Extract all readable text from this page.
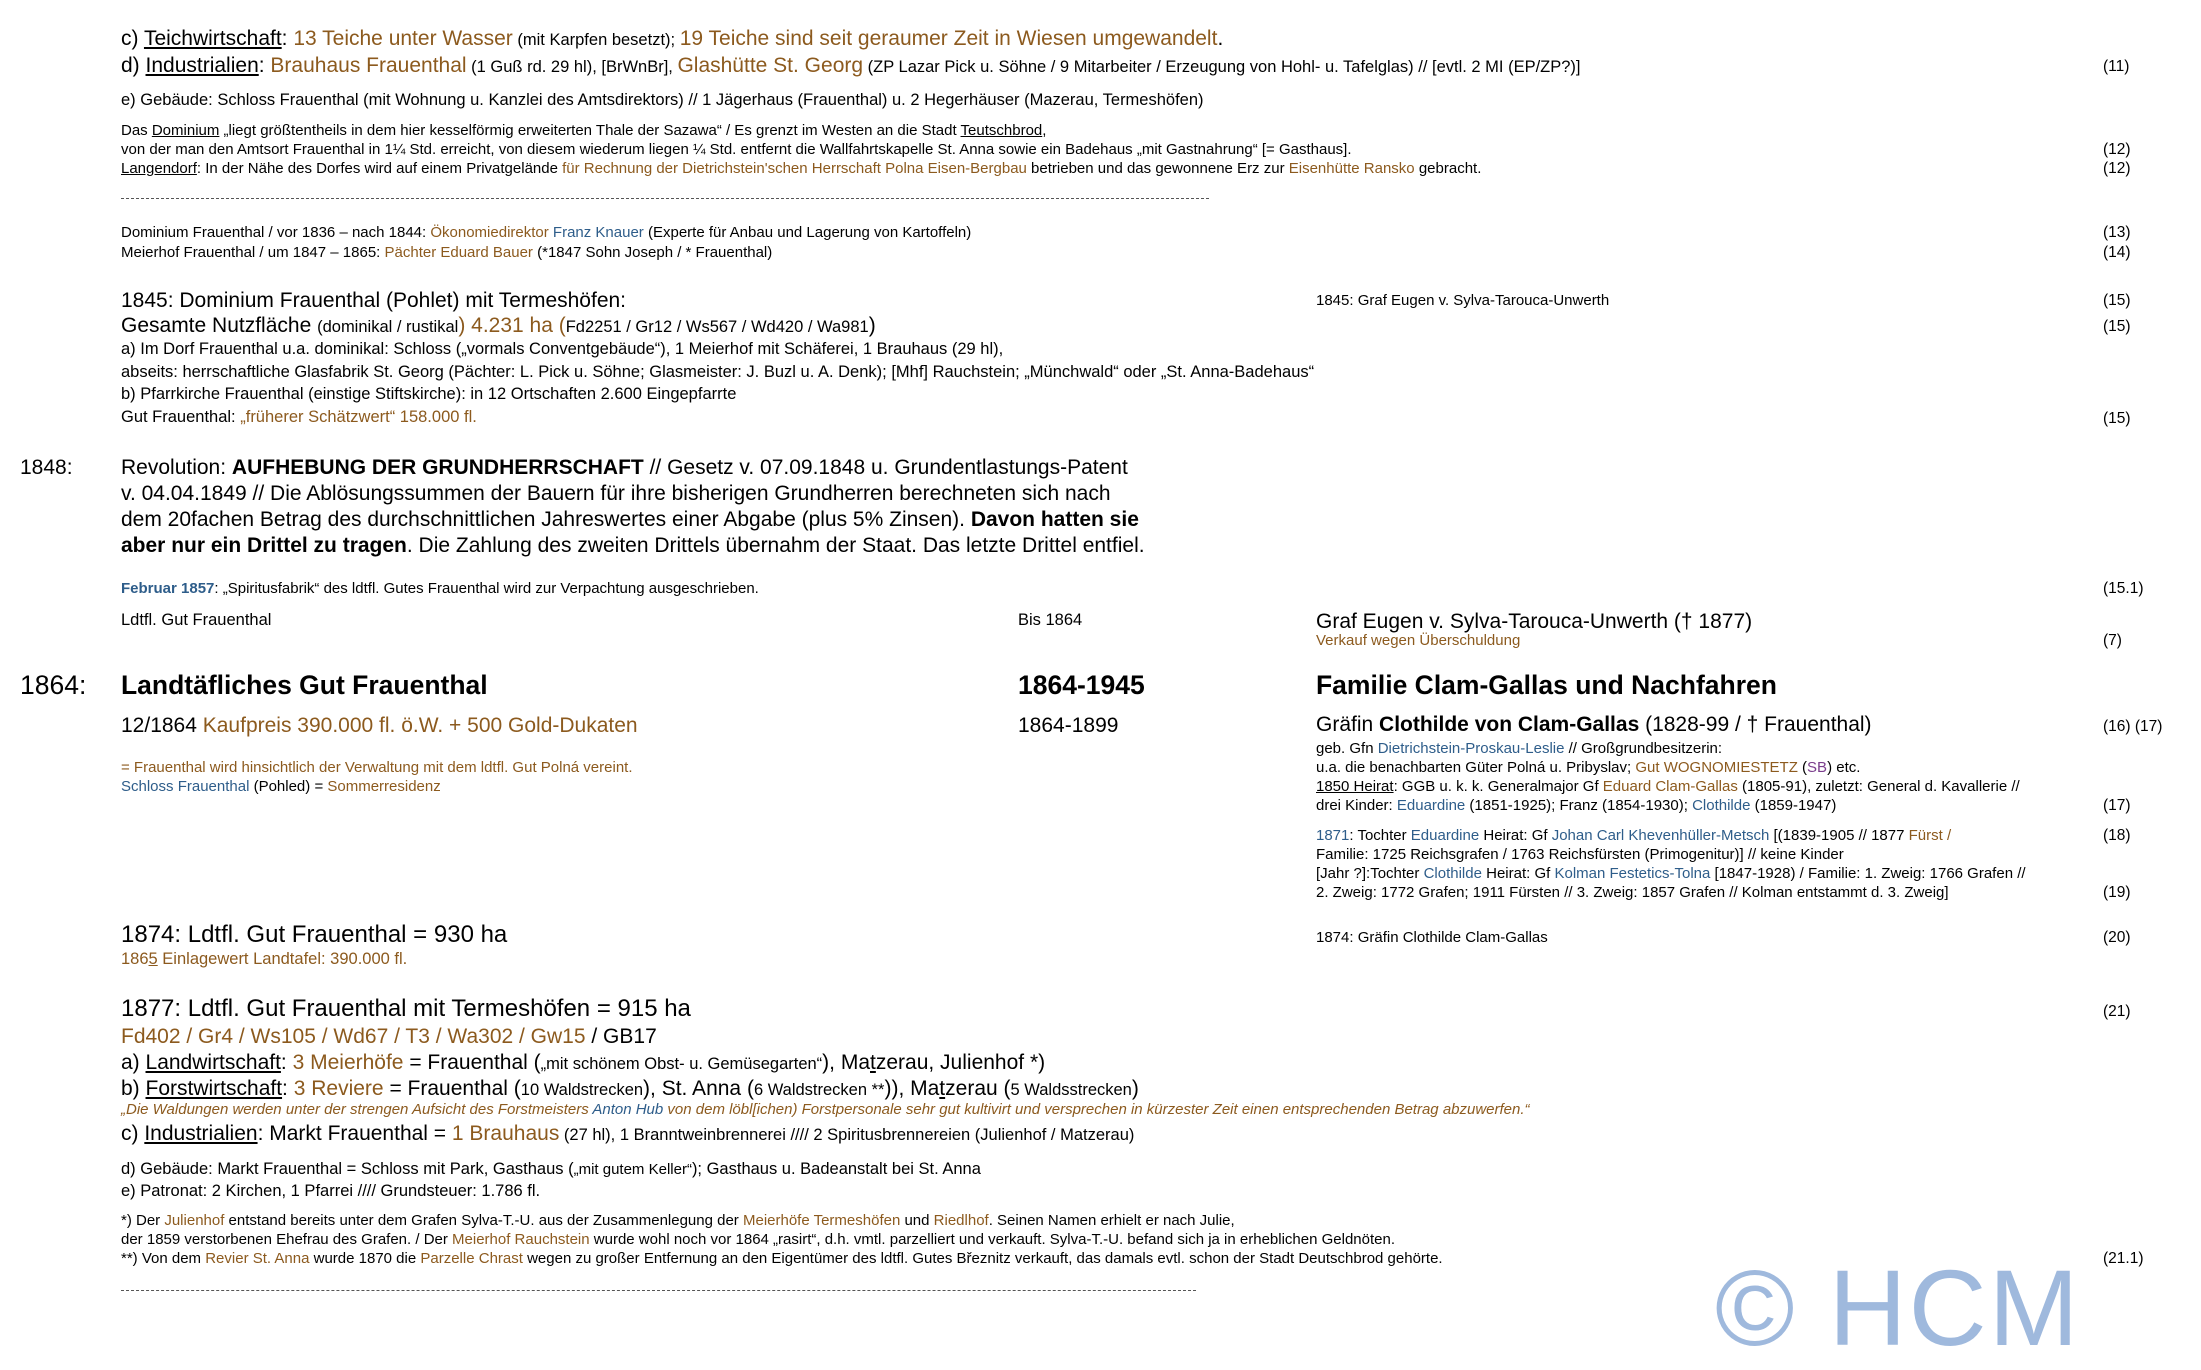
c) Teichwirtschaft: 13 Teiche unter Wasser (mit Karpfen besetzt); 19 Teiche sind seit geraumer Zeit in Wiesen umgewandelt.
d) Industrialien: Brauhaus Frauenthal (1 Guß rd. 29 hl), [BrWnBr], Glashütte St. Georg (ZP Lazar Pick u. Söhne / 9 Mitarbeiter / Erzeugung von Hohl- u. Tafelglas) // [evtl. 2 MI (EP/ZP?)]	(11)
e) Gebäude: Schloss Frauenthal (mit Wohnung u. Kanzlei des Amtsdirektors) // 1 Jägerhaus (Frauenthal) u. 2 Hegerhäuser (Mazerau, Termeshöfen)
Das Dominium „liegt größtentheils in dem hier kesselförmig erweiterten Thale der Sazawa“ / Es grenzt im Westen an die Stadt Teutschbrod,
von der man den Amtsort Frauenthal in 1¼ Std. erreicht, von diesem wiederum liegen ¼ Std. entfernt die Wallfahrtskapelle St. Anna sowie ein Badehaus „mit Gastnahrung“ [= Gasthaus].	(12)
Langendorf: In der Nähe des Dorfes wird auf einem Privatgelände für Rechnung der Dietrichstein'schen Herrschaft Polna Eisen-Bergbau betrieben und das gewonnene Erz zur Eisenhütte Ransko gebracht.	(12)
Dominium Frauenthal / vor 1836 – nach 1844: Ökonomiedirektor Franz Knauer (Experte für Anbau und Lagerung von Kartoffeln)	(13)
Meierhof Frauenthal / um 1847 – 1865: Pächter Eduard Bauer (*1847 Sohn Joseph / * Frauenthal)	(14)
1845: Dominium Frauenthal (Pohlet) mit Termeshöfen:	1845: Graf Eugen v. Sylva-Tarouca-Unwerth	(15)
Gesamte Nutzfläche (dominikal / rustikal) 4.231 ha (Fd2251 / Gr12 / Ws567 / Wd420 / Wa981)	(15)
a) Im Dorf Frauenthal u.a. dominikal: Schloss („vormals Conventgebäude“), 1 Meierhof mit Schäferei, 1 Brauhaus (29 hl),
abseits: herrschaftliche Glasfabrik St. Georg (Pächter: L. Pick u. Söhne; Glasmeister: J. Buzl u. A. Denk); [Mhf] Rauchstein; „Münchwald“ oder „St. Anna-Badehaus“
b) Pfarrkirche Frauenthal (einstige Stiftskirche): in 12 Ortschaften 2.600 Eingepfarrte
Gut Frauenthal: „früherer Schätzwert“ 158.000 fl.	(15)
1848: Revolution: AUFHEBUNG DER GRUNDHERRSCHAFT // Gesetz v. 07.09.1848 u. Grundentlastungs-Patent
v. 04.04.1849 // Die Ablösungssummen der Bauern für ihre bisherigen Grundherren berechneten sich nach
dem 20fachen Betrag des durchschnittlichen Jahreswertes einer Abgabe (plus 5% Zinsen). Davon hatten sie
aber nur ein Drittel zu tragen. Die Zahlung des zweiten Drittels übernahm der Staat. Das letzte Drittel entfiel.
Februar 1857: „Spiritusfabrik“ des ldtfl. Gutes Frauenthal wird zur Verpachtung ausgeschrieben.	(15.1)
Ldtfl. Gut Frauenthal	Bis 1864	Graf Eugen v. Sylva-Tarouca-Unwerth († 1877)
Verkauf wegen Überschuldung	(7)
1864: Landtäfliches Gut Frauenthal	1864-1945	Familie Clam-Gallas und Nachfahren
12/1864 Kaufpreis 390.000 fl. ö.W. + 500 Gold-Dukaten	1864-1899	Gräfin Clothilde von Clam-Gallas (1828-99 / † Frauenthal)	(16) (17)
geb. Gfn Dietrichstein-Proskau-Leslie // Großgrundbesitzerin:
u.a. die benachbarten Güter Polná u. Pribyslav; Gut WOGNOMIESTETZ (SB) etc.
1850 Heirat: GGB u. k. k. Generalmajor Gf Eduard Clam-Gallas (1805-91), zuletzt: General d. Kavallerie //
drei Kinder: Eduardine (1851-1925); Franz (1854-1930); Clothilde (1859-1947)	(17)
1871: Tochter Eduardine Heirat: Gf Johan Carl Khevenhüller-Metsch [(1839-1905 // 1877 Fürst /	(18)
Familie: 1725 Reichsgrafen / 1763 Reichsfürsten (Primogenitur)] // keine Kinder
[Jahr ?]:Tochter Clothilde Heirat: Gf Kolman Festetics-Tolna [1847-1928) / Familie: 1. Zweig: 1766 Grafen //
2. Zweig: 1772 Grafen; 1911 Fürsten // 3. Zweig: 1857 Grafen // Kolman entstammt d. 3. Zweig]	(19)
= Frauenthal wird hinsichtlich der Verwaltung mit dem ldtfl. Gut Polná vereint.
Schloss Frauenthal (Pohled) = Sommerresidenz
1874: Ldtfl. Gut Frauenthal = 930 ha	1874: Gräfin Clothilde Clam-Gallas	(20)
1865 Einlagewert Landtafel: 390.000 fl.
1877: Ldtfl. Gut Frauenthal mit Termeshöfen = 915 ha	(21)
Fd402 / Gr4 / Ws105 / Wd67 / T3 / Wa302 / Gw15 / GB17
a) Landwirtschaft: 3 Meierhöfe = Frauenthal („mit schönem Obst- u. Gemüsegarten“), Matzerau, Julienhof *)
b) Forstwirtschaft: 3 Reviere = Frauenthal (10 Waldstrecken), St. Anna (6 Waldstrecken **)), Matzerau (5 Waldsstrecken)
„Die Waldungen werden unter der strengen Aufsicht des Forstmeisters Anton Hub von dem löbl[ichen) Forstpersonale sehr gut kultivirt und versprechen in kürzester Zeit einen entsprechenden Betrag abzuwerfen.“
c) Industrialien: Markt Frauenthal = 1 Brauhaus (27 hl), 1 Branntweinbrennerei //// 2 Spiritusbrennereien (Julienhof / Matzerau)
d) Gebäude: Markt Frauenthal = Schloss mit Park, Gasthaus („mit gutem Keller“); Gasthaus u. Badeanstalt bei St. Anna
e) Patronat: 2 Kirchen, 1 Pfarrei //// Grundsteuer: 1.786 fl.
*) Der Julienhof entstand bereits unter dem Grafen Sylva-T.-U. aus der Zusammenlegung der Meierhöfe Termeshöfen und Riedlhof. Seinen Namen erhielt er nach Julie,
der 1859 verstorbenen Ehefrau des Grafen. / Der Meierhof Rauchstein wurde wohl noch vor 1864 „rasirt“, d.h. vmtl. parzelliert und verkauft. Sylva-T.-U. befand sich ja in erheblichen Geldnöten.
**) Von dem Revier St. Anna wurde 1870 die Parzelle Chrast wegen zu großer Entfernung an den Eigentümer des ldtfl. Gutes Březnitz verkauft, das damals evtl. schon der Stadt Deutschbrod gehörte.	(21.1)
© HCM
